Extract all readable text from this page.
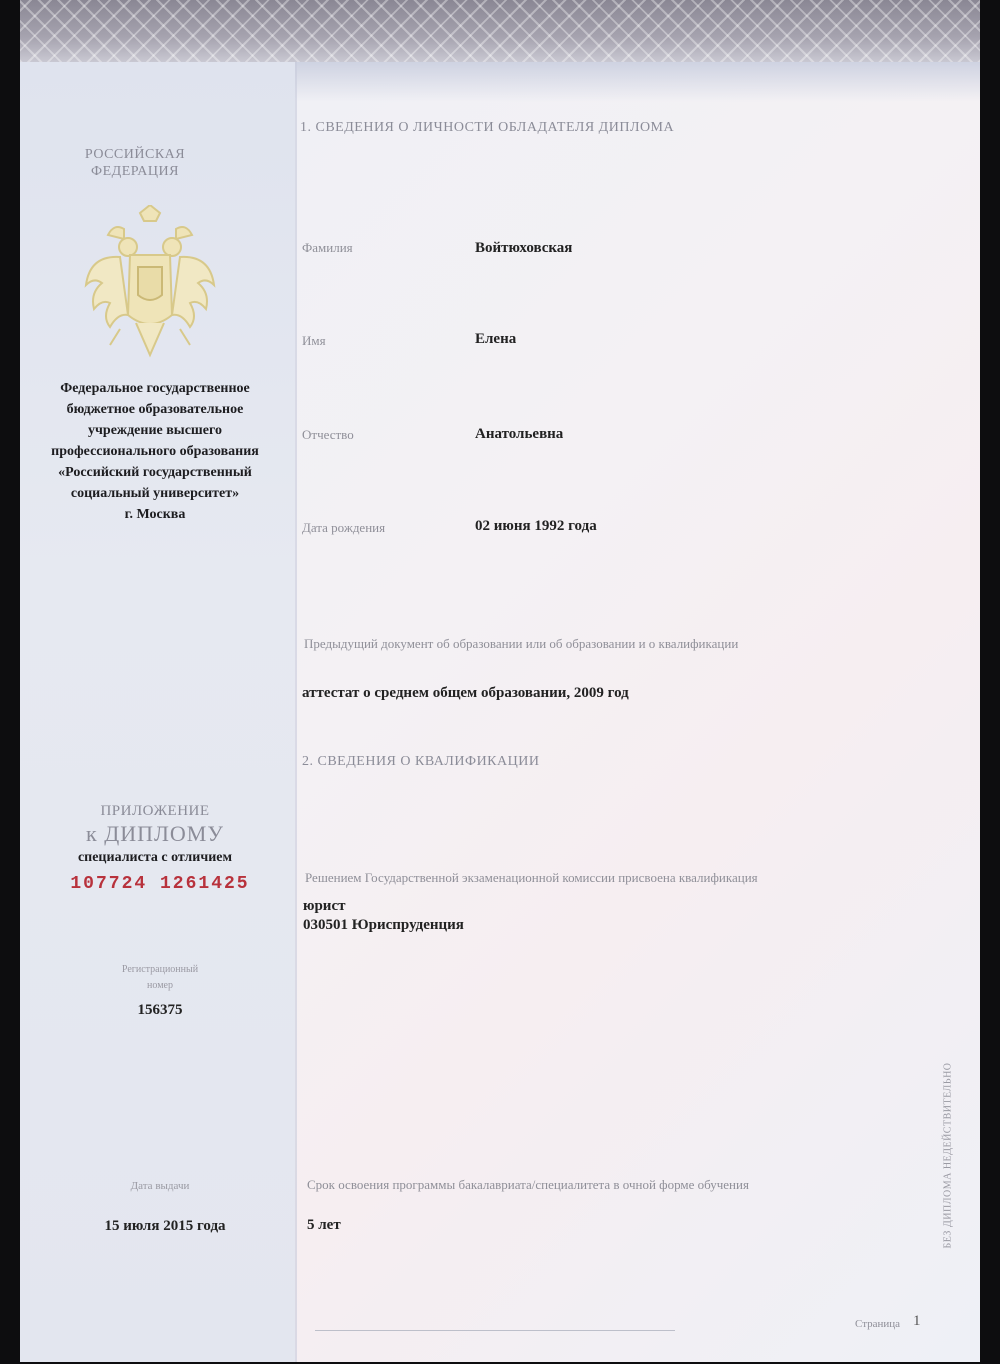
РОССИЙСКАЯ
ФЕДЕРАЦИЯ
Федеральное государственное
бюджетное образовательное
учреждение высшего
профессионального образования
«Российский государственный
социальный университет»
г. Москва
ПРИЛОЖЕНИЕ
к ДИПЛОМУ
специалиста с отличием
107724 1261425
Регистрационный
номер
156375
Дата выдачи
15 июля 2015 года
1. СВЕДЕНИЯ О ЛИЧНОСТИ ОБЛАДАТЕЛЯ ДИПЛОМА
Фамилия	Войтюховская
Имя	Елена
Отчество	Анатольевна
Дата рождения	02 июня 1992 года
Предыдущий документ об образовании или об образовании и о квалификации
аттестат о среднем общем образовании, 2009 год
2. СВЕДЕНИЯ О КВАЛИФИКАЦИИ
Решением Государственной экзаменационной комиссии присвоена квалификация
юрист
030501 Юриспруденция
Срок освоения программы бакалавриата/специалитета в очной форме обучения
5 лет	БЕЗ ДИПЛОМА НЕДЕЙСТВИТЕЛЬНО
Страница 1
